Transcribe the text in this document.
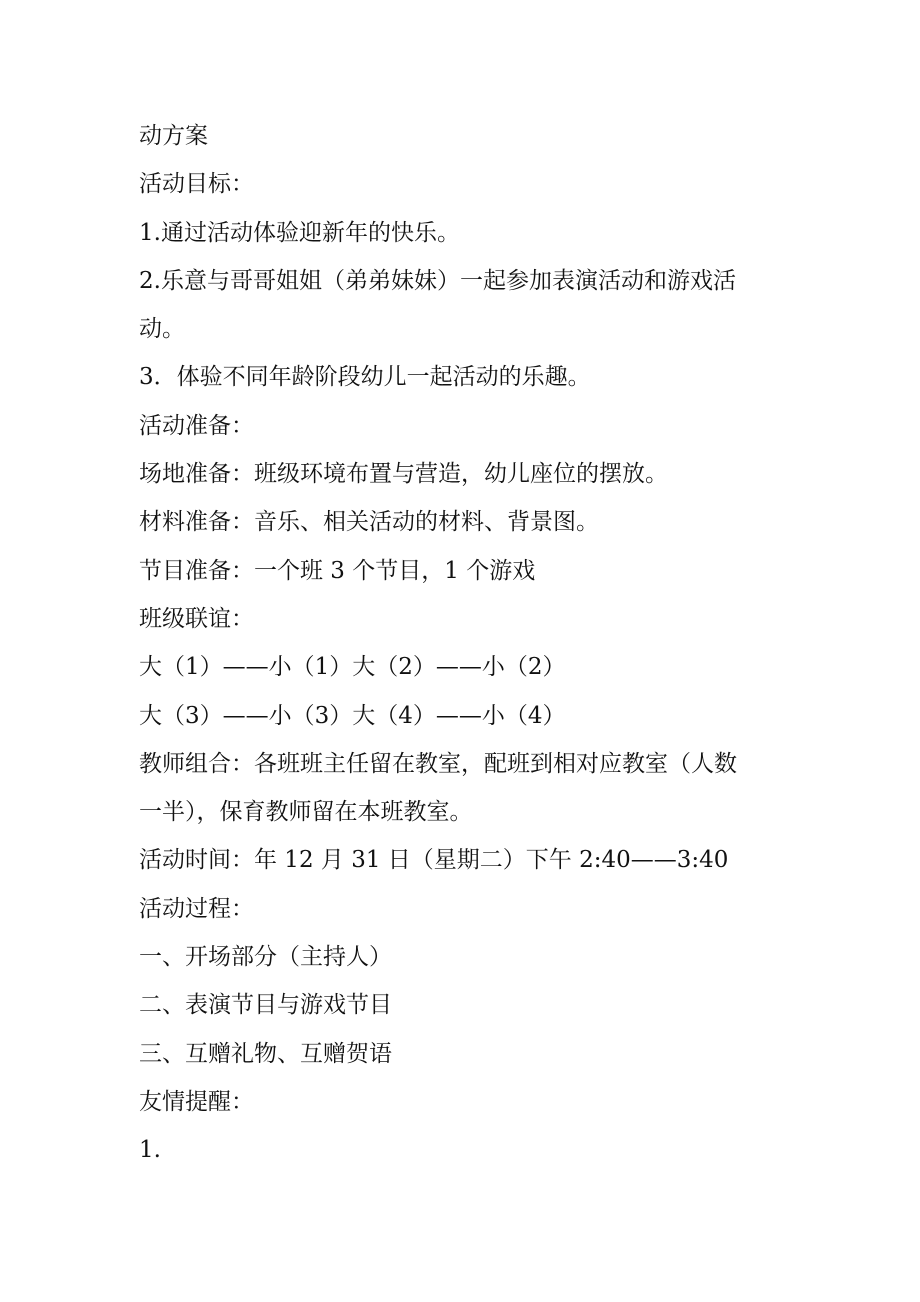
动方案

活动目标：

1.通过活动体验迎新年的快乐。

2.乐意与哥哥姐姐（弟弟妹妹）一起参加表演活动和游戏活

动。

3．体验不同年龄阶段幼儿一起活动的乐趣。

活动准备：

场地准备：班级环境布置与营造，幼儿座位的摆放。

材料准备：音乐、相关活动的材料、背景图。

节目准备：一个班 3 个节目，1 个游戏

班级联谊：

大（1）——小（1）大（2）——小（2）

大（3）——小（3）大（4）——小（4）

教师组合：各班班主任留在教室，配班到相对应教室（人数

一半），保育教师留在本班教室。

活动时间：年 12 月 31 日（星期二）下午 2:40——3:40

活动过程：

一、开场部分（主持人）

二、表演节目与游戏节目

三、互赠礼物、互赠贺语

友情提醒：

1.
